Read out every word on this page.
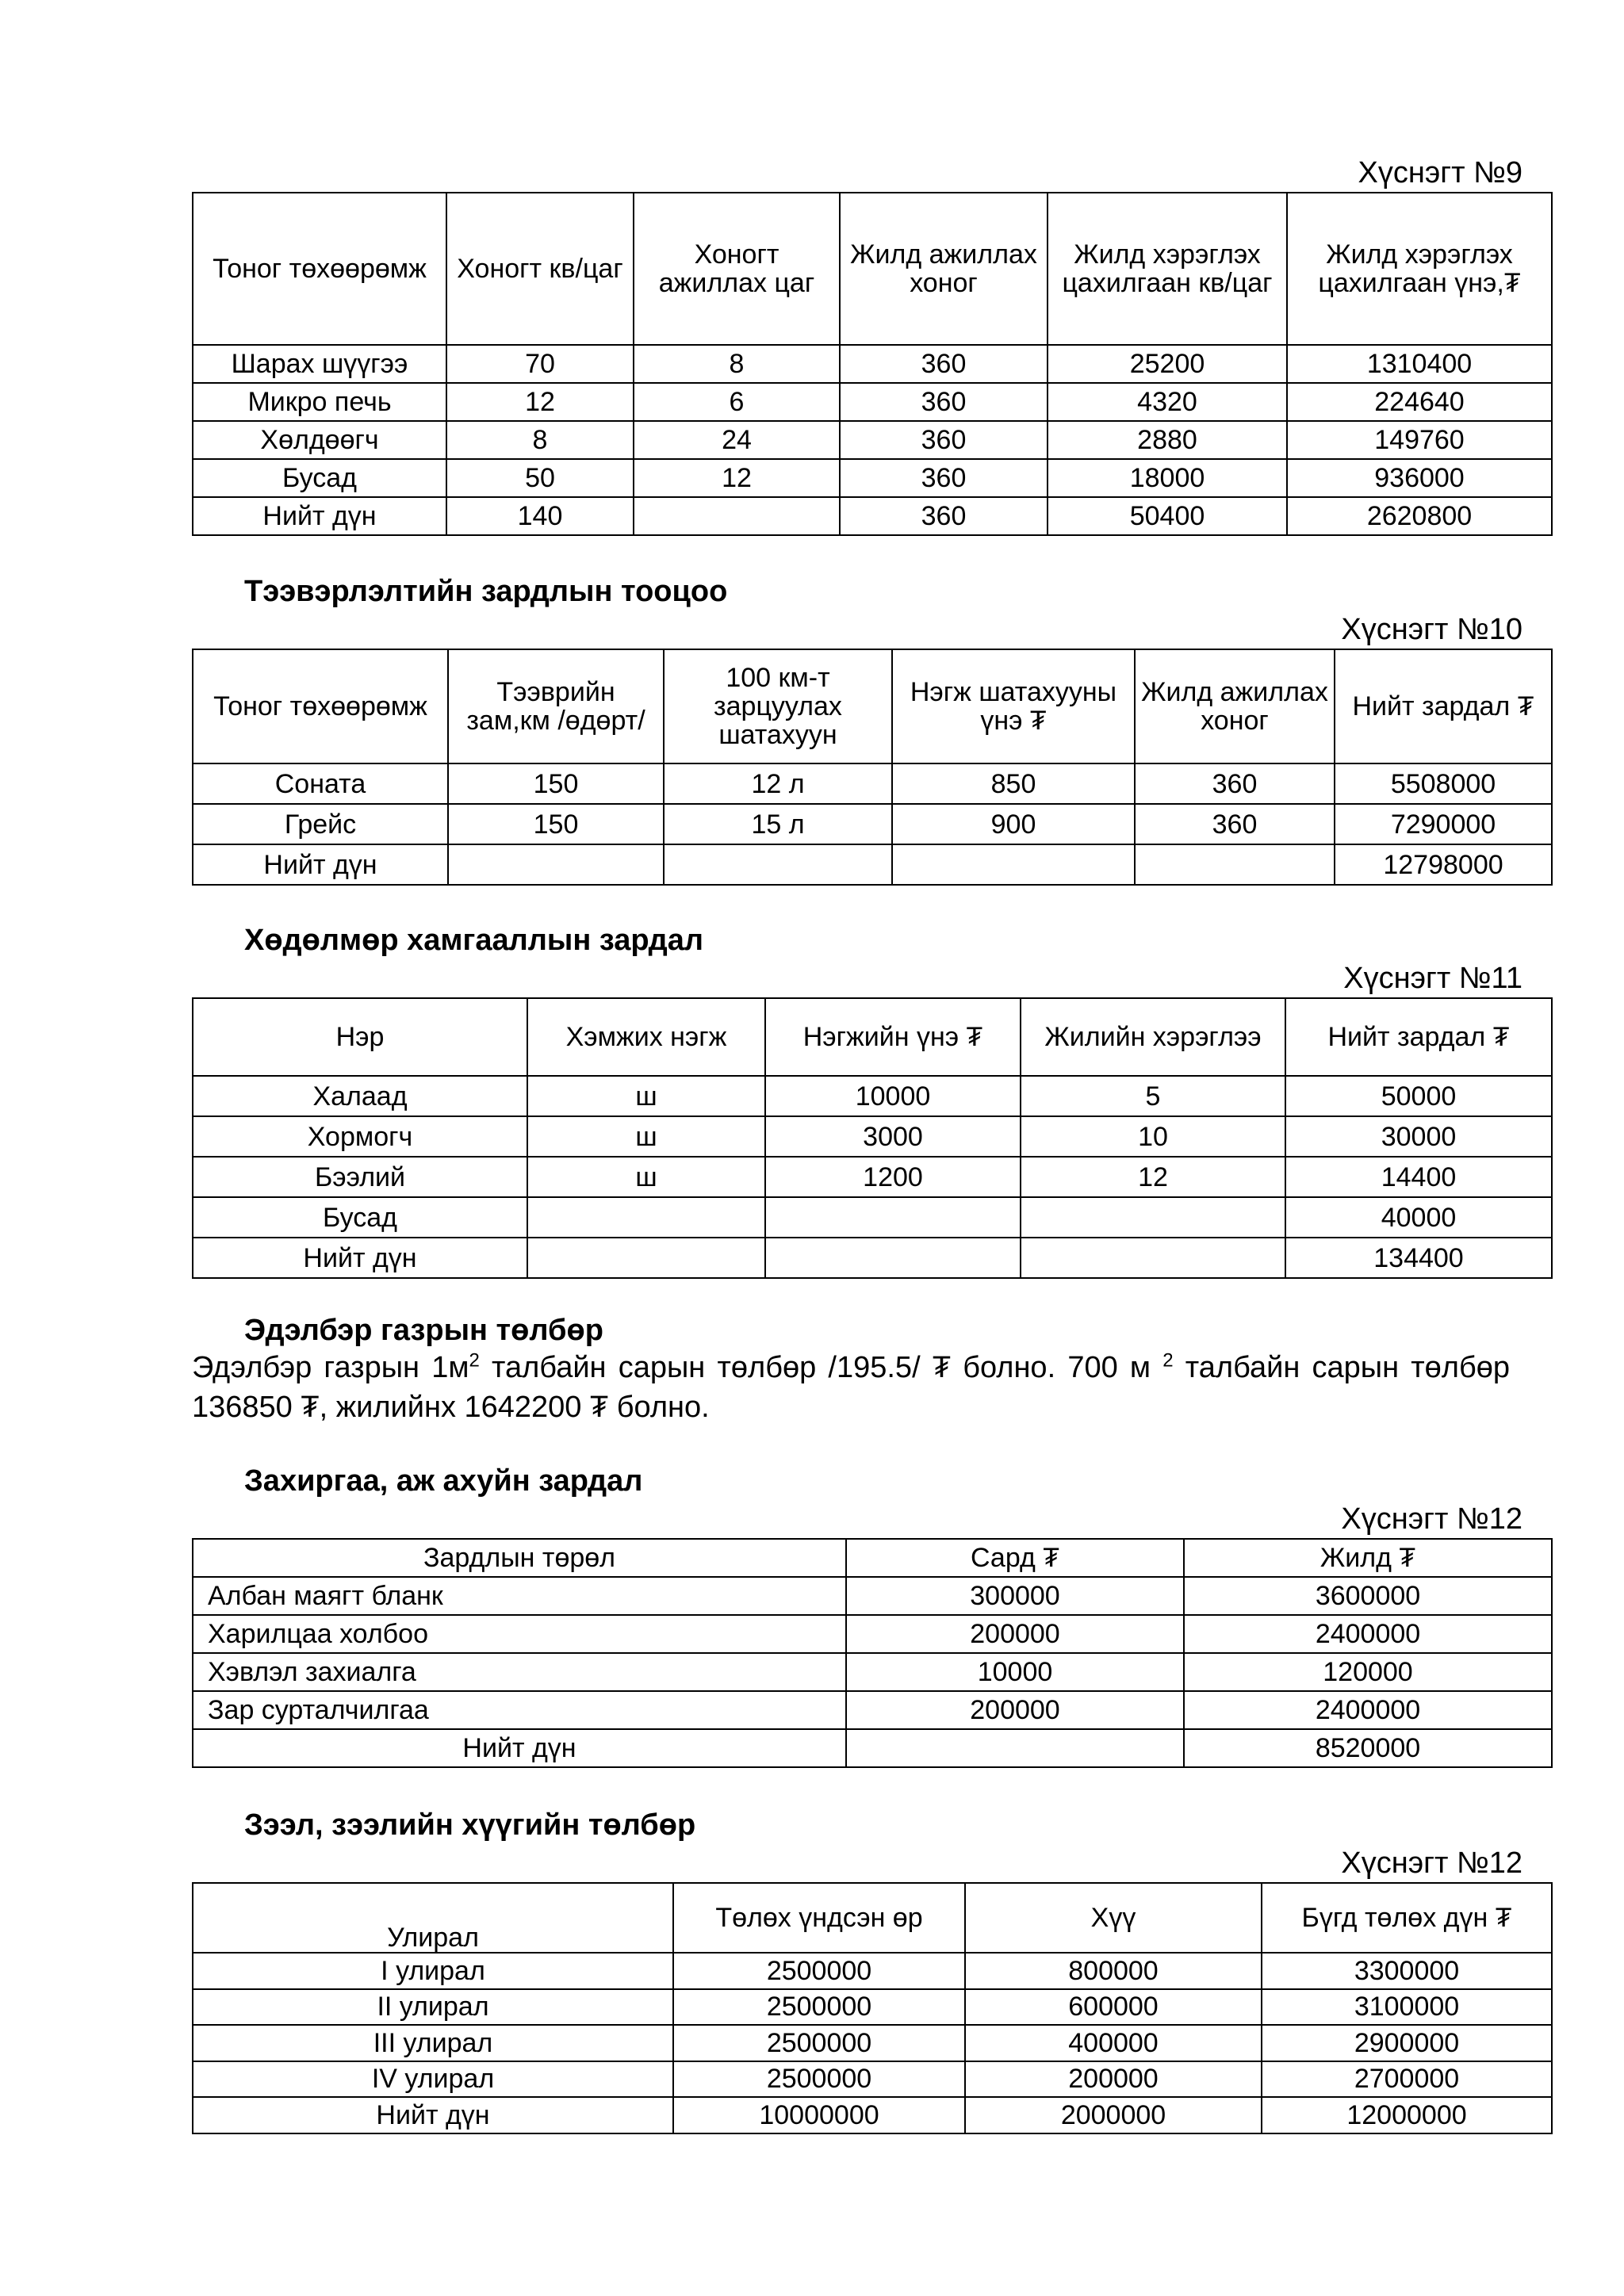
Хүснэгт №9
Тоног төхөөрөмж	Хоногт кв/цаг	Хоногт ажиллах цаг	Жилд ажиллах хоног	Жилд хэрэглэх цахилгаан кв/цаг	Жилд хэрэглэх цахилгаан үнэ,₮
Шарах шүүгээ	70	8	360	25200	1310400
Микро печь	12	6	360	4320	224640
Хөлдөөгч	8	24	360	2880	149760
Бусад	50	12	360	18000	936000
Нийт дүн	140		360	50400	2620800
Тээвэрлэлтийн зардлын тооцоо
Хүснэгт №10
Тоног төхөөрөмж	Тээврийн зам,км /өдөрт/	100 км-т зарцуулах шатахуун	Нэгж шатахууны үнэ ₮	Жилд ажиллах хоног	Нийт зардал ₮
Соната	150	12 л	850	360	5508000
Грейс	150	15 л	900	360	7290000
Нийт дүн					12798000
Хөдөлмөр хамгааллын зардал
Хүснэгт №11
Нэр	Хэмжих нэгж	Нэгжийн үнэ ₮	Жилийн хэрэглээ	Нийт зардал ₮
Халаад	ш	10000	5	50000
Хормогч	ш	3000	10	30000
Бээлий	ш	1200	12	14400
Бусад				40000
Нийт дүн				134400
Эдэлбэр газрын төлбөр
Эдэлбэр газрын $1м^2$ талбайн сарын төлбөр /195.5/ ₮ болно. 700 м $^2$ талбайн сарын төлбөр 136850 ₮, жилийнх 1642200 ₮ болно.
Захиргаа, аж ахуйн зардал
Хүснэгт №12
Зардлын төрөл	Сард ₮	Жилд ₮
Албан маягт бланк	300000	3600000
Харилцаа холбоо	200000	2400000
Хэвлэл захиалга	10000	120000
Зар сурталчилгаа	200000	2400000
Нийт дүн		8520000
Зээл, зээлийн хүүгийн төлбөр
Хүснэгт №12
Улирал	Төлөх үндсэн өр	Хүү	Бүгд төлөх дүн ₮
I улирал	2500000	800000	3300000
II улирал	2500000	600000	3100000
III улирал	2500000	400000	2900000
IV улирал	2500000	200000	2700000
Нийт дүн	10000000	2000000	12000000
